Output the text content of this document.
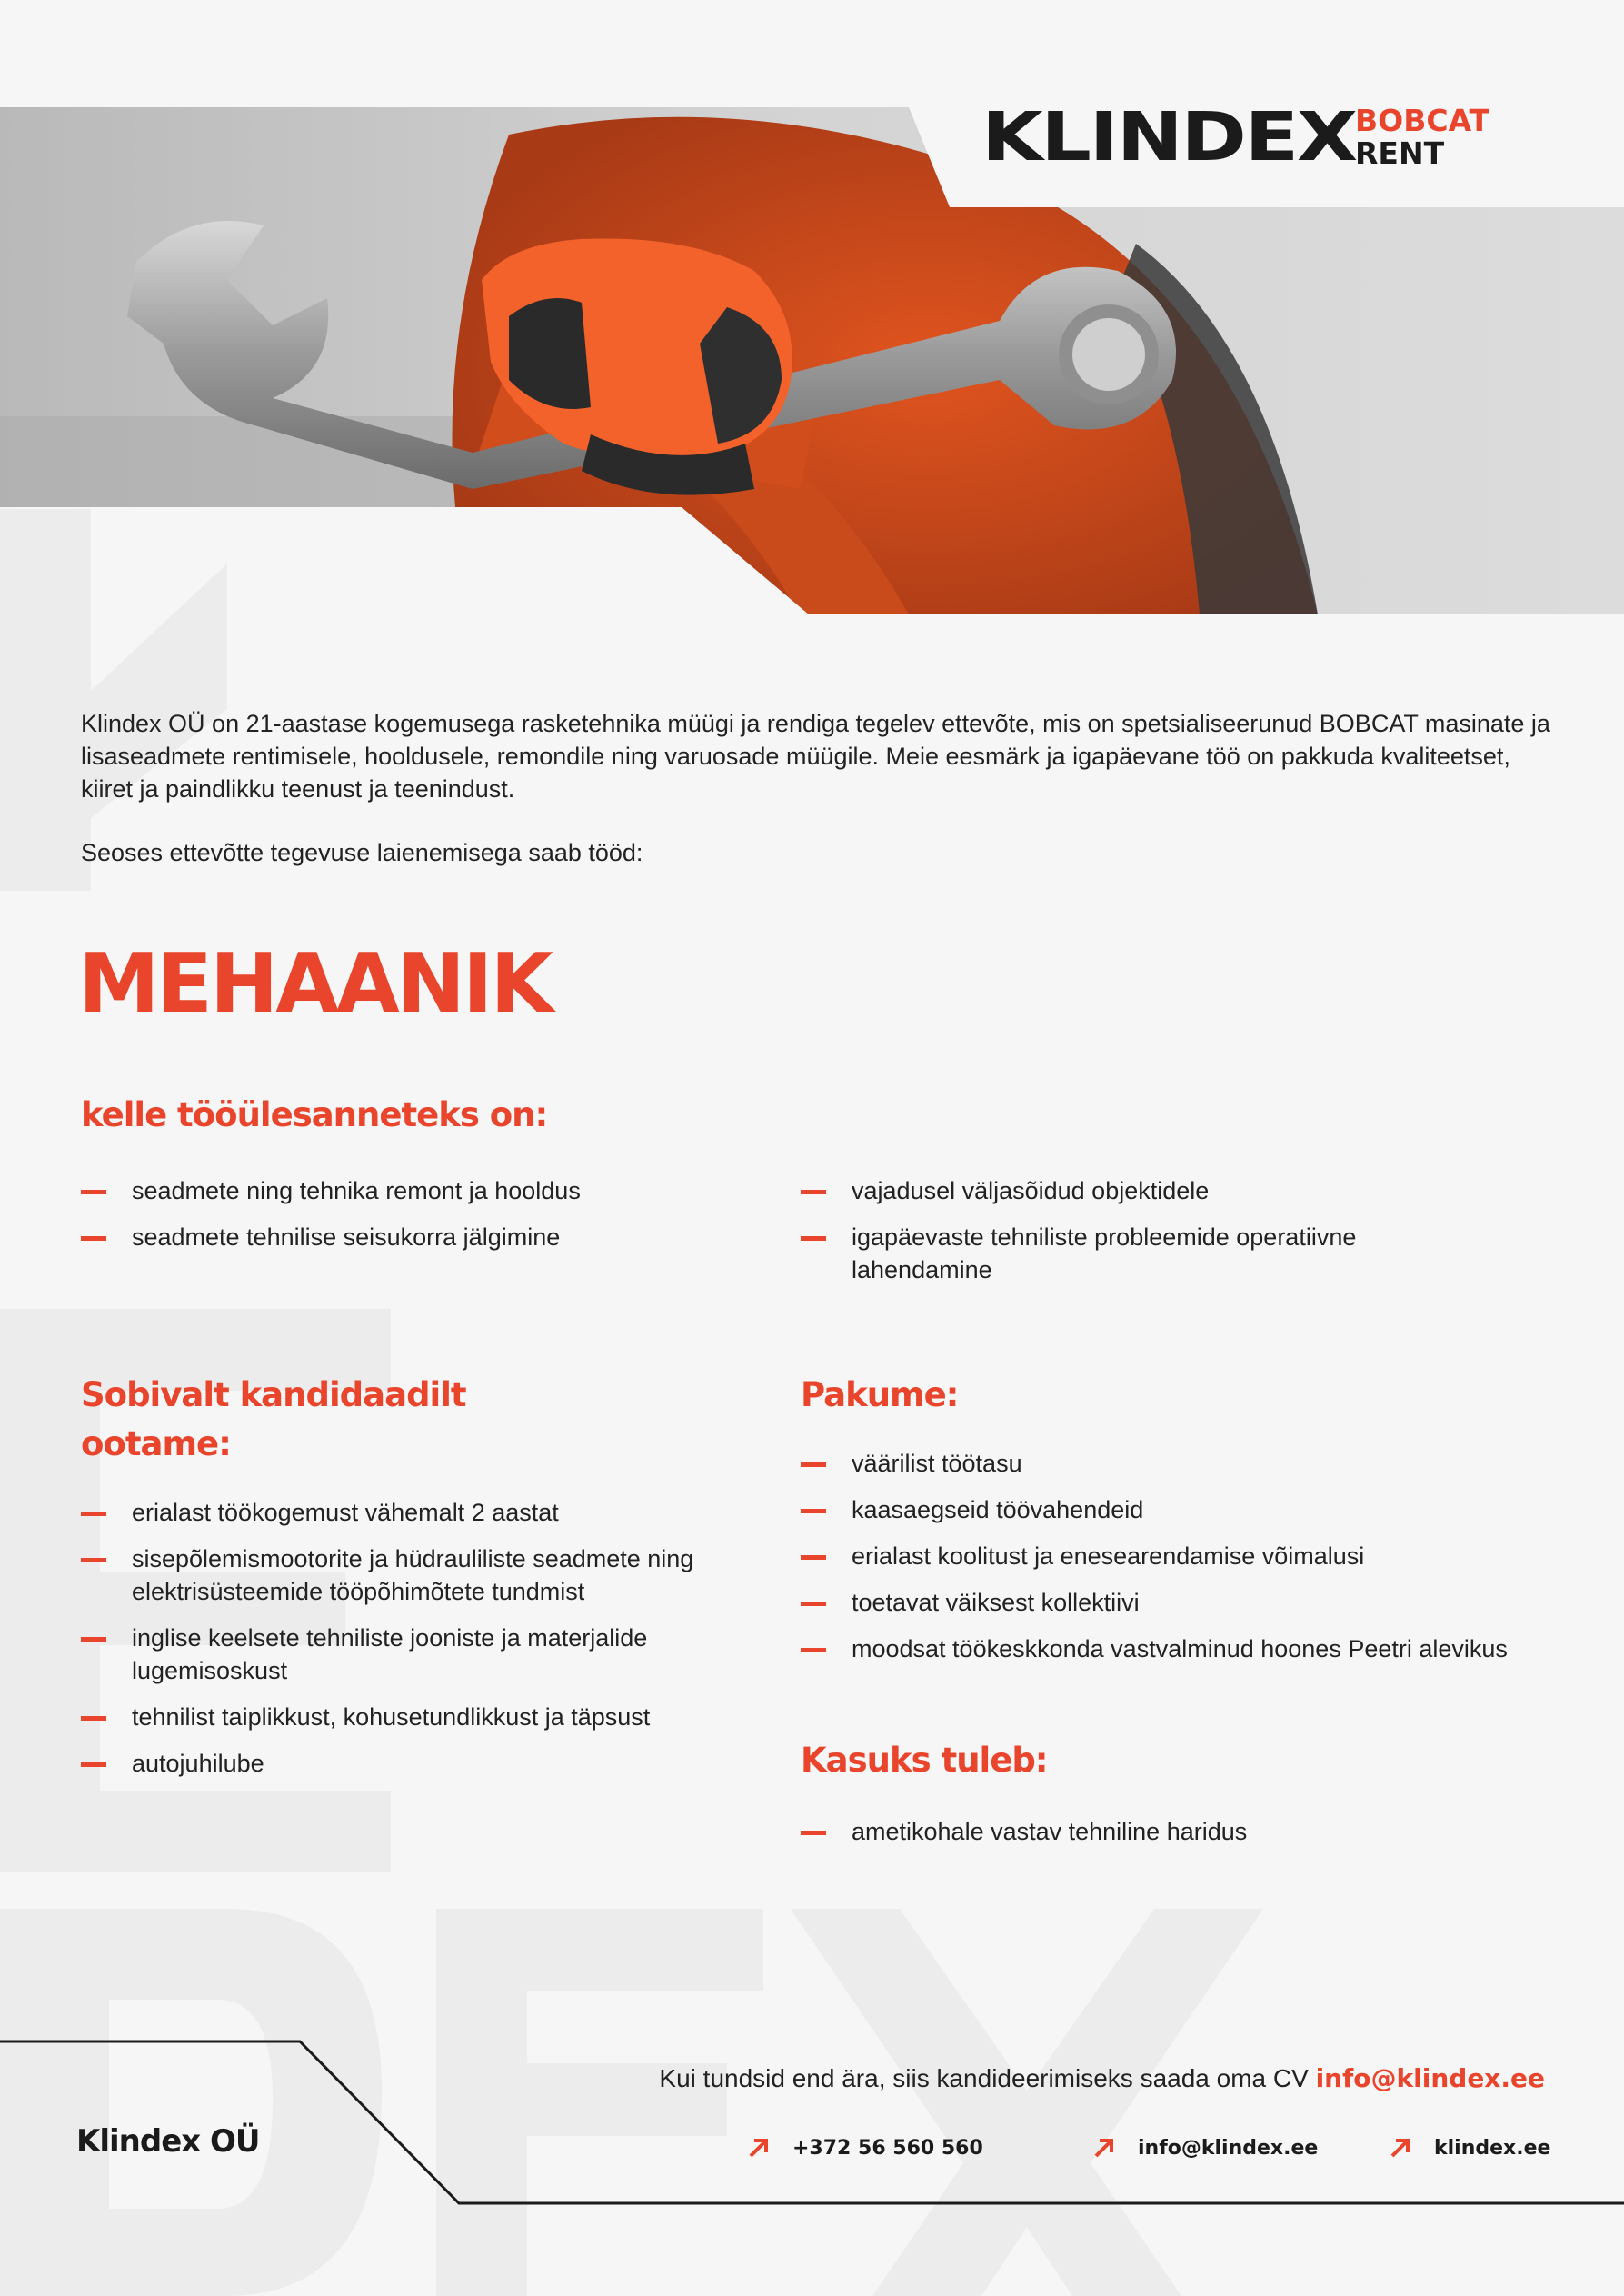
KLINDEX BOBCAT
RENT

Klindex OÜ on 21-aastase kogemusega rasketehnika müügi ja rendiga tegelev ettevõte, mis on spetsialiseerunud BOBCAT masinate ja lisaseadmete rentimisele, hooldusele, remondile ning varuosade müügile. Meie eesmärk ja igapäevane töö on pakkuda kvaliteetset, kiiret ja paindlikku teenust ja teenindust.

Seoses ettevõtte tegevuse laienemisega saab tööd:
MEHAANIK
kelle tööülesanneteks on:
seadmete ning tehnika remont ja hooldus
seadmete tehnilise seisukorra jälgimine
vajadusel väljasõidud objektidele
igapäevaste tehniliste probleemide operatiivne lahendamine
Sobivalt kandidaadilt
ootame:
erialast töökogemust vähemalt 2 aastat
sisepõlemismootorite ja hüdrauliliste seadmete ning elektrisüsteemide tööpõhimõtete tundmist
inglise keelsete tehniliste jooniste ja materjalide lugemisoskust
tehnilist taiplikkust, kohusetundlikkust ja täpsust
autojuhilube
Pakume:
väärilist töötasu
kaasaegseid töövahendeid
erialast koolitust ja enesearendamise võimalusi
toetavat väiksest kollektiivi
moodsat töökeskkonda vastvalminud hoones Peetri alevikus
Kasuks tuleb:
ametikohale vastav tehniline haridus
Kui tundsid end ära, siis kandideerimiseks saada oma CV info@klindex.ee
Klindex OÜ	+372 56 560 560	info@klindex.ee	klindex.ee
